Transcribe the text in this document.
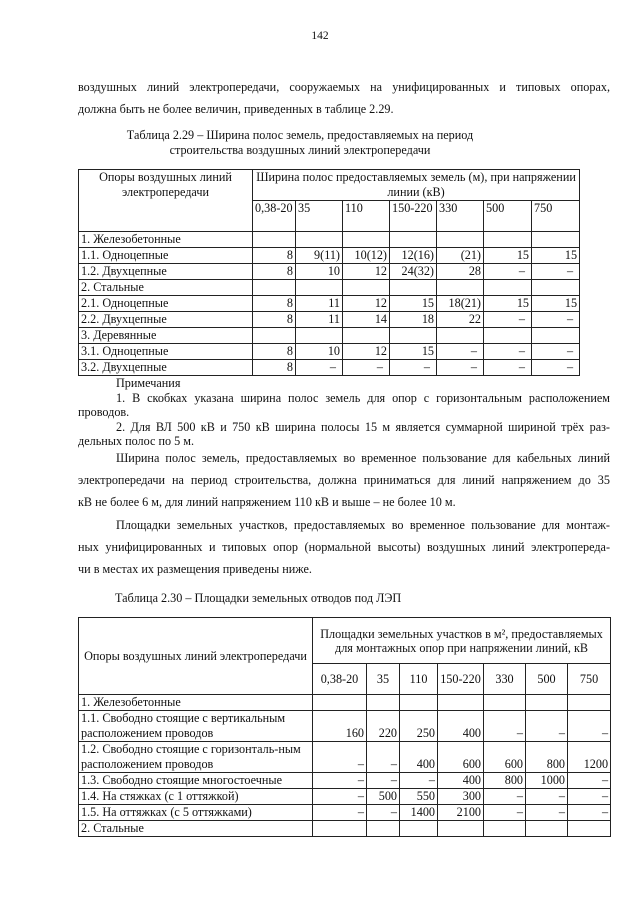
142

воздушных линий электропередачи, сооружаемых на унифицированных и типовых опорах,

должна быть не более величин, приведенных в таблице 2.29.

Таблица 2.29 – Ширина полос земель, предоставляемых на период
строительства воздушных линий электропередачи
Опоры воздушных линий электропередачи	Ширина полос предоставляемых земель (м), при напряжении линии (кВ)						
	0,38-20	35	110	150-220	330	500	750
1. Железобетонные							
1.1. Одноцепные	8	9(11)	10(12)	12(16)	(21)	15	15
1.2. Двухцепные	8	10	12	24(32)	28	–	–
2. Стальные							
2.1. Одноцепные	8	11	12	15	18(21)	15	15
2.2. Двухцепные	8	11	14	18	22	–	–
3. Деревянные							
3.1. Одноцепные	8	10	12	15	–	–	–
3.2. Двухцепные	8	–	–	–	–	–	–

Примечания

1. В скобках указана ширина полос земель для опор с горизонтальным расположением проводов.

2. Для ВЛ 500 кВ и 750 кВ ширина полосы 15 м является суммарной шириной трёх раз-дельных полос по 5 м.

Ширина полос земель, предоставляемых во временное пользование для кабельных линий

электропередачи на период строительства, должна приниматься для линий напряжением до 35

кВ не более 6 м, для линий напряжением 110 кВ и выше – не более 10 м.

Площадки земельных участков, предоставляемых во временное пользование для монтаж-

ных унифицированных и типовых опор (нормальной высоты) воздушных линий электропереда-

чи в местах их размещения приведены ниже.

Таблица 2.30 – Площадки земельных отводов под ЛЭП
Опоры воздушных линий электропередачи	Площадки земельных участков в м², предоставляемых для монтажных опор при напряжении линий, кВ						
	0,38-20	35	110	150-220	330	500	750
1. Железобетонные							
1.1. Свободно стоящие с вертикальным расположением проводов	160	220	250	400	–	–	–
1.2. Свободно стоящие с горизонталь-ным расположением проводов	–	–	400	600	600	800	1200
1.3. Свободно стоящие многостоечные	–	–	–	400	800	1000	–
1.4. На стяжках (с 1 оттяжкой)	–	500	550	300	–	–	–
1.5. На оттяжках (с 5 оттяжками)	–	–	1400	2100	–	–	–
2. Стальные							
